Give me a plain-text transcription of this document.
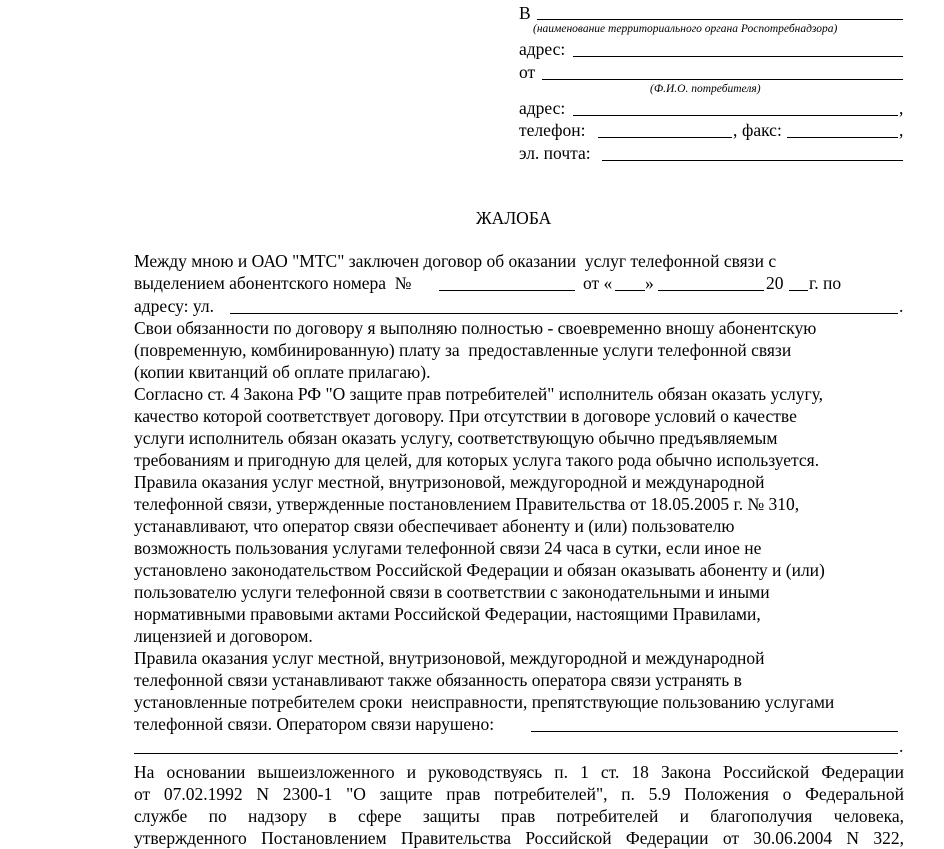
В
(наименование территориального органа Роспотребнадзора)
адрес:
от
(Ф.И.О. потребителя)
адрес:	,
телефон:	, факс:	,
эл. почта:
ЖАЛОБА
Между мною и ОАО "МТС" заключен договор об оказании  услуг телефонной связи с
выделением абонентского номера  №	от « »	20 г. по
адресу: ул.	.
Свои обязанности по договору я выполняю полностью - своевременно вношу абонентскую
(повременную, комбинированную) плату за  предоставленные услуги телефонной связи
(копии квитанций об оплате прилагаю).
Согласно ст. 4 Закона РФ "О защите прав потребителей" исполнитель обязан оказать услугу,
качество которой соответствует договору. При отсутствии в договоре условий о качестве
услуги исполнитель обязан оказать услугу, соответствующую обычно предъявляемым
требованиям и пригодную для целей, для которых услуга такого рода обычно используется.
Правила оказания услуг местной, внутризоновой, междугородной и международной
телефонной связи, утвержденные постановлением Правительства от 18.05.2005 г. № 310,
устанавливают, что оператор связи обеспечивает абоненту и (или) пользователю
возможность пользования услугами телефонной связи 24 часа в сутки, если иное не
установлено законодательством Российской Федерации и обязан оказывать абоненту и (или)
пользователю услуги телефонной связи в соответствии с законодательными и иными
нормативными правовыми актами Российской Федерации, настоящими Правилами,
лицензией и договором.
Правила оказания услуг местной, внутризоновой, междугородной и международной
телефонной связи устанавливают также обязанность оператора связи устранять в
установленные потребителем сроки  неисправности, препятствующие пользованию услугами
телефонной связи. Оператором связи нарушено:
.
На основании вышеизложенного и руководствуясь п. 1 ст. 18 Закона Российской Федерации
от 07.02.1992 N 2300-1 "О защите прав потребителей", п. 5.9 Положения о Федеральной
службе по надзору в сфере защиты прав потребителей и благополучия человека,
утвержденного Постановлением Правительства Российской Федерации от 30.06.2004 N 322,
